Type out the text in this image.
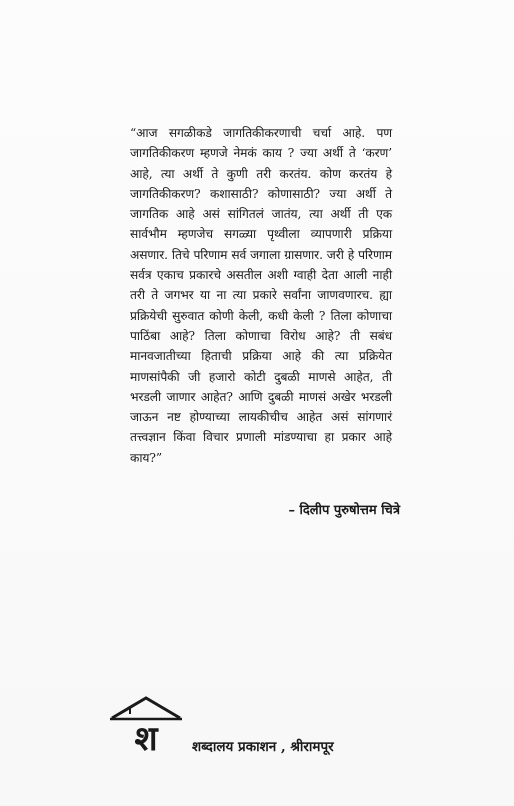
“आज सगळीकडे जागतिकीकरणाची चर्चा आहे. पण जागतिकीकरण म्हणजे नेमकं काय ? ज्या अर्थी ते ‘करण’ आहे, त्या अर्थी ते कुणी तरी करतंय. कोण करतंय हे जागतिकीकरण? कशासाठी? कोणासाठी? ज्या अर्थी ते जागतिक आहे असं सांगितलं जातंय, त्या अर्थी ती एक सार्वभौम म्हणजेच सगळ्या पृथ्वीला व्यापणारी प्रक्रिया असणार. तिचे परिणाम सर्व जगाला ग्रासणार. जरी हे परिणाम सर्वत्र एकाच प्रकारचे असतील अशी ग्वाही देता आली नाही तरी ते जगभर या ना त्या प्रकारे सर्वांना जाणवणारच. ह्या प्रक्रियेची सुरुवात कोणी केली, कधी केली ? तिला कोणाचा पाठिंबा आहे? तिला कोणाचा विरोध आहे? ती सबंध मानवजातीच्या हिताची प्रक्रिया आहे की त्या प्रक्रियेत माणसांपैकी जी हजारो कोटी दुबळी माणसे आहेत, ती भरडली जाणार आहेत? आणि दुबळी माणसं अखेर भरडली जाऊन नष्ट होण्याच्या लायकीचीच आहेत असं सांगणारं तत्त्वज्ञान किंवा विचार प्रणाली मांडण्याचा हा प्रकार आहे काय?”

– दिलीप पुरुषोत्तम चित्रे
श	शब्दालय प्रकाशन , श्रीरामपूर
